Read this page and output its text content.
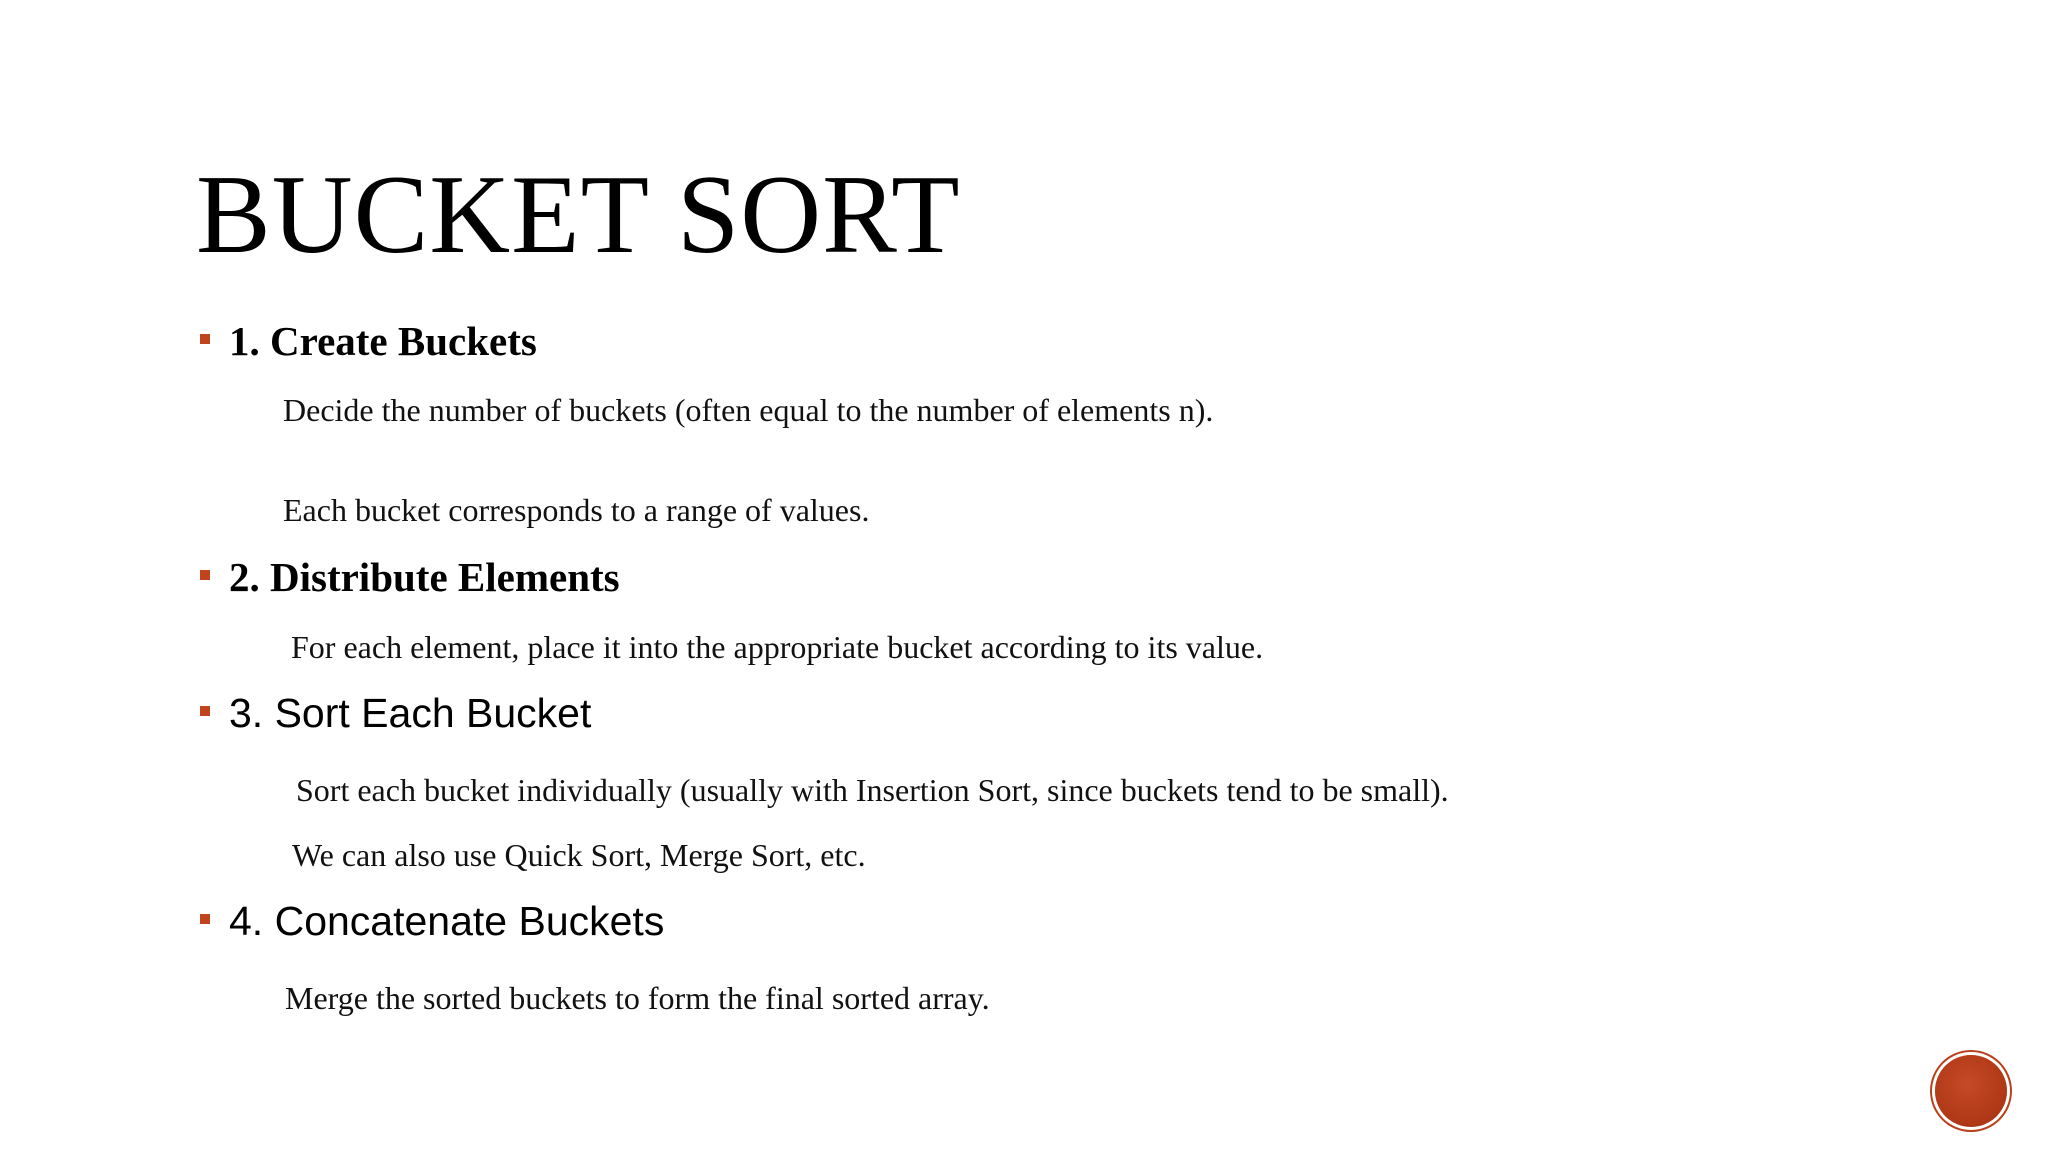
BUCKET SORT
1. Create Buckets

Decide the number of buckets (often equal to the number of elements n).

Each bucket corresponds to a range of values.

2. Distribute Elements

For each element, place it into the appropriate bucket according to its value.

3. Sort Each Bucket

Sort each bucket individually (usually with Insertion Sort, since buckets tend to be small).

We can also use Quick Sort, Merge Sort, etc.

4. Concatenate Buckets

Merge the sorted buckets to form the final sorted array.
